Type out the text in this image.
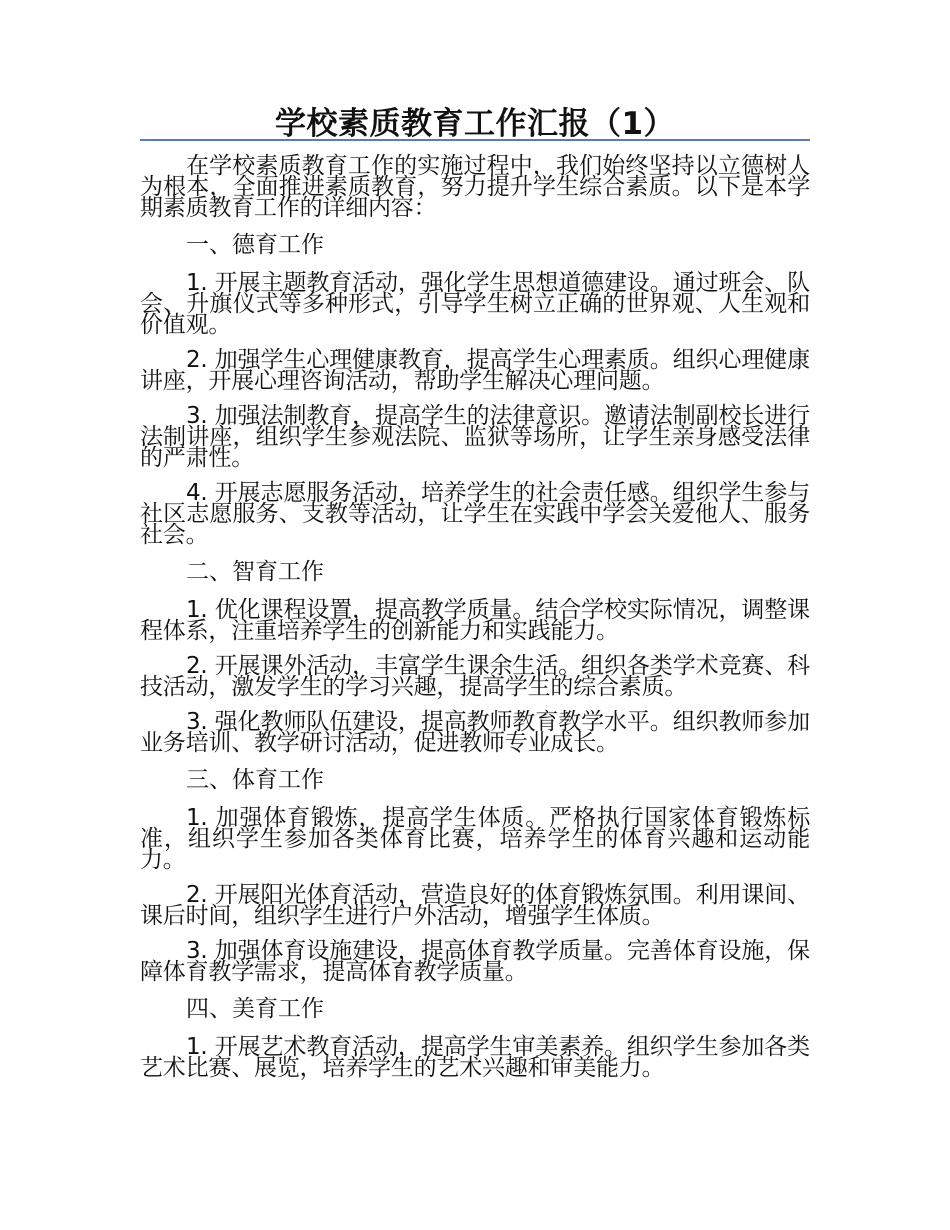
学校素质教育工作汇报（1）

在学校素质教育工作的实施过程中，我们始终坚持以立德树人为根本，全面推进素质教育，努力提升学生综合素质。以下是本学期素质教育工作的详细内容：

一、德育工作

1. 开展主题教育活动，强化学生思想道德建设。通过班会、队会、升旗仪式等多种形式，引导学生树立正确的世界观、人生观和价值观。

2. 加强学生心理健康教育，提高学生心理素质。组织心理健康讲座，开展心理咨询活动，帮助学生解决心理问题。

3. 加强法制教育，提高学生的法律意识。邀请法制副校长进行法制讲座，组织学生参观法院、监狱等场所，让学生亲身感受法律的严肃性。

4. 开展志愿服务活动，培养学生的社会责任感。组织学生参与社区志愿服务、支教等活动，让学生在实践中学会关爱他人、服务社会。

二、智育工作

1. 优化课程设置，提高教学质量。结合学校实际情况，调整课程体系，注重培养学生的创新能力和实践能力。

2. 开展课外活动，丰富学生课余生活。组织各类学术竞赛、科技活动，激发学生的学习兴趣，提高学生的综合素质。

3. 强化教师队伍建设，提高教师教育教学水平。组织教师参加业务培训、教学研讨活动，促进教师专业成长。

三、体育工作

1. 加强体育锻炼，提高学生体质。严格执行国家体育锻炼标准，组织学生参加各类体育比赛，培养学生的体育兴趣和运动能力。

2. 开展阳光体育活动，营造良好的体育锻炼氛围。利用课间、课后时间，组织学生进行户外活动，增强学生体质。

3. 加强体育设施建设，提高体育教学质量。完善体育设施，保障体育教学需求，提高体育教学质量。

四、美育工作

1. 开展艺术教育活动，提高学生审美素养。组织学生参加各类艺术比赛、展览，培养学生的艺术兴趣和审美能力。
